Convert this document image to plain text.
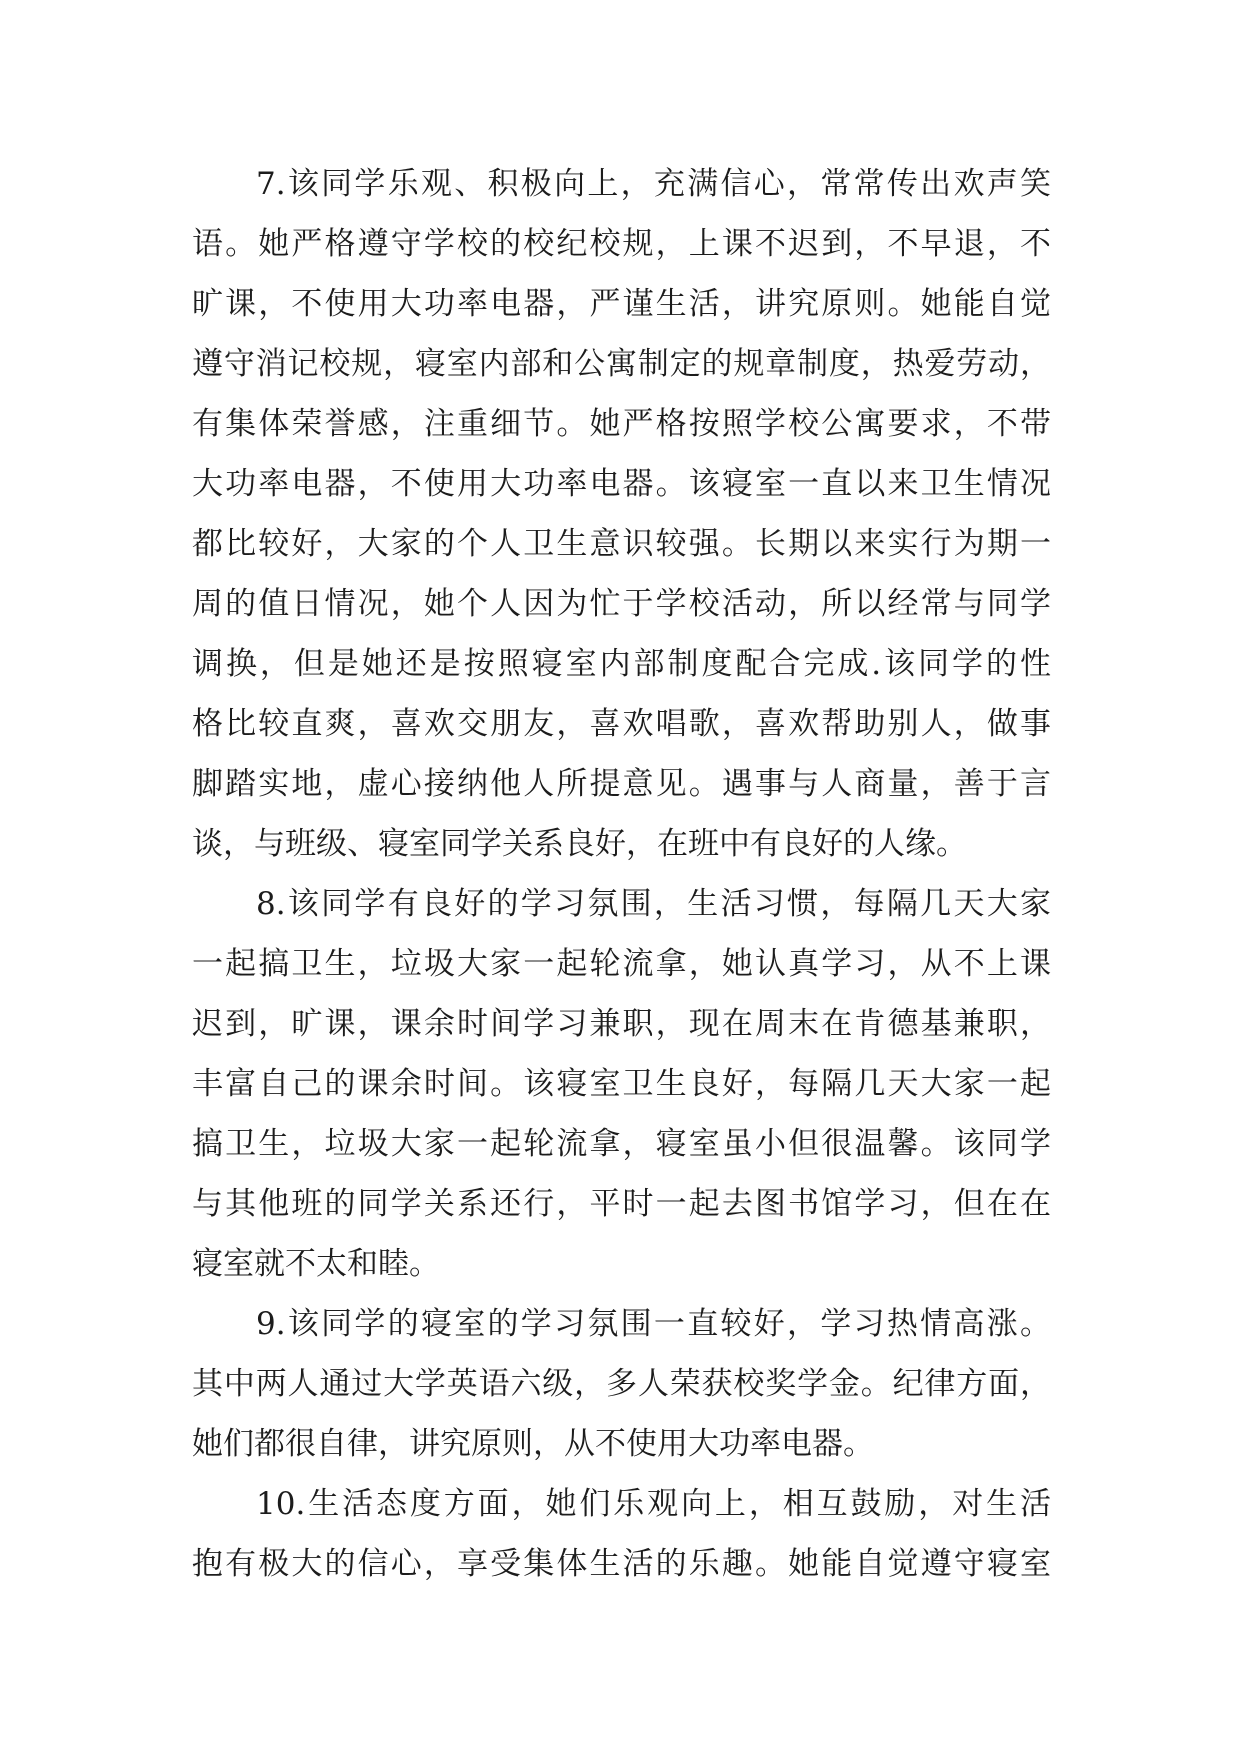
7.该同学乐观、积极向上，充满信心，常常传出欢声笑
语。她严格遵守学校的校纪校规，上课不迟到，不早退，不
旷课，不使用大功率电器，严谨生活，讲究原则。她能自觉
遵守消记校规，寝室内部和公寓制定的规章制度，热爱劳动，
有集体荣誉感，注重细节。她严格按照学校公寓要求，不带
大功率电器，不使用大功率电器。该寝室一直以来卫生情况
都比较好，大家的个人卫生意识较强。长期以来实行为期一
周的值日情况，她个人因为忙于学校活动，所以经常与同学
调换，但是她还是按照寝室内部制度配合完成.该同学的性
格比较直爽，喜欢交朋友，喜欢唱歌，喜欢帮助别人，做事
脚踏实地，虚心接纳他人所提意见。遇事与人商量，善于言
谈，与班级、寝室同学关系良好，在班中有良好的人缘。
8.该同学有良好的学习氛围，生活习惯，每隔几天大家
一起搞卫生，垃圾大家一起轮流拿，她认真学习，从不上课
迟到，旷课，课余时间学习兼职，现在周末在肯德基兼职，
丰富自己的课余时间。该寝室卫生良好，每隔几天大家一起
搞卫生，垃圾大家一起轮流拿，寝室虽小但很温馨。该同学
与其他班的同学关系还行，平时一起去图书馆学习，但在在
寝室就不太和睦。
9.该同学的寝室的学习氛围一直较好，学习热情高涨。
其中两人通过大学英语六级，多人荣获校奖学金。纪律方面，
她们都很自律，讲究原则，从不使用大功率电器。
10.生活态度方面，她们乐观向上，相互鼓励，对生活
抱有极大的信心，享受集体生活的乐趣。她能自觉遵守寝室
